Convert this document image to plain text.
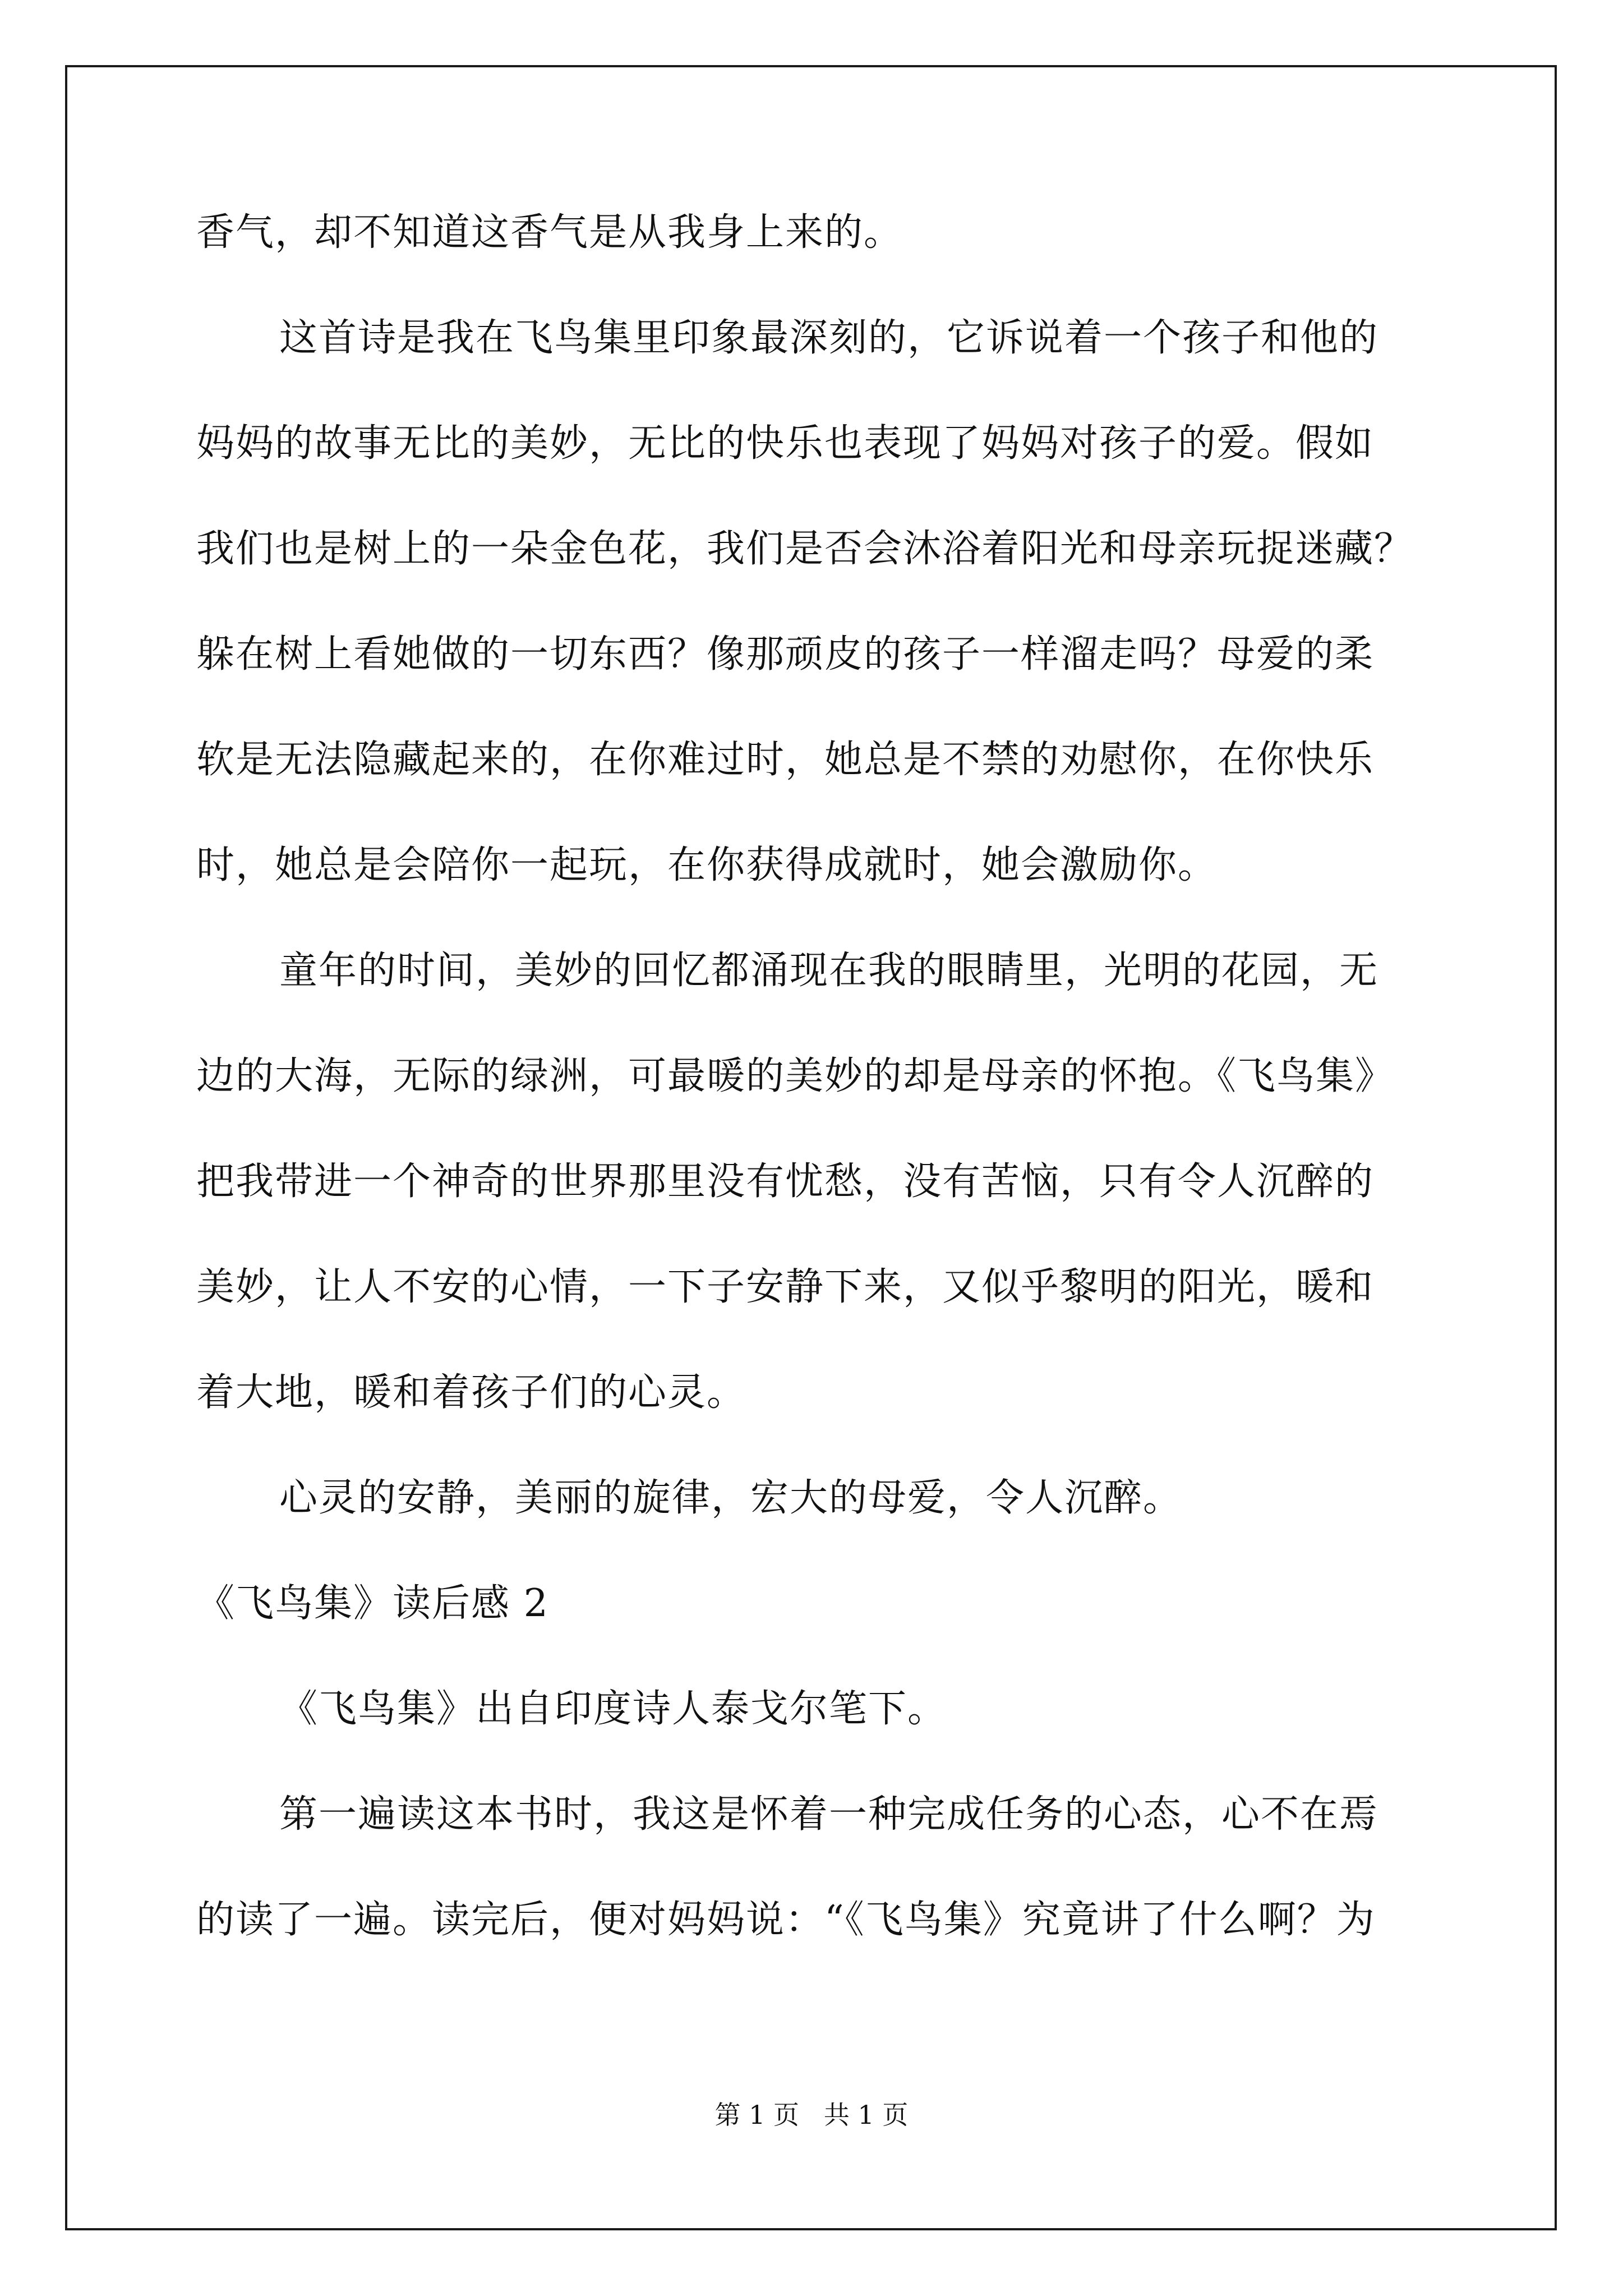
香气，却不知道这香气是从我身上来的。
这首诗是我在飞鸟集里印象最深刻的，它诉说着一个孩子和他的
妈妈的故事无比的美妙，无比的快乐也表现了妈妈对孩子的爱。假如
我们也是树上的一朵金色花，我们是否会沐浴着阳光和母亲玩捉迷藏？
躲在树上看她做的一切东西？像那顽皮的孩子一样溜走吗？母爱的柔
软是无法隐藏起来的，在你难过时，她总是不禁的劝慰你，在你快乐
时，她总是会陪你一起玩，在你获得成就时，她会激励你。
童年的时间，美妙的回忆都涌现在我的眼睛里，光明的花园，无
边的大海，无际的绿洲，可最暖的美妙的却是母亲的怀抱。《飞鸟集》
把我带进一个神奇的世界那里没有忧愁，没有苦恼，只有令人沉醉的
美妙，让人不安的心情，一下子安静下来，又似乎黎明的阳光，暖和
着大地，暖和着孩子们的心灵。
心灵的安静，美丽的旋律，宏大的母爱，令人沉醉。
《飞鸟集》读后感 2
《飞鸟集》出自印度诗人泰戈尔笔下。
第一遍读这本书时，我这是怀着一种完成任务的心态，心不在焉
的读了一遍。读完后，便对妈妈说：“《飞鸟集》究竟讲了什么啊？为
第 1 页   共 1 页
